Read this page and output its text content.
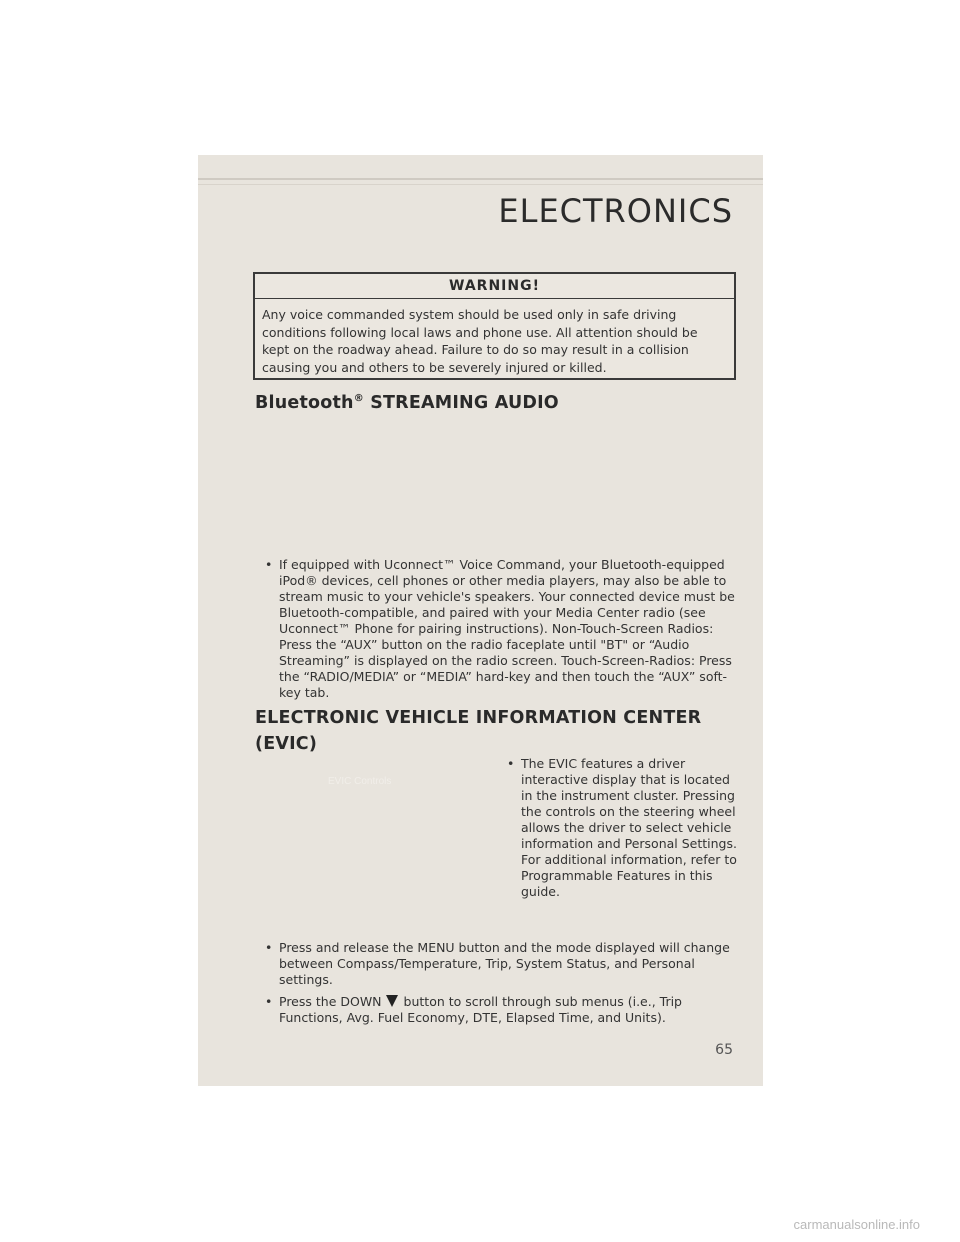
ELECTRONICS
WARNING!
Any voice commanded system should be used only in safe driving conditions following local laws and phone use. All attention should be kept on the roadway ahead. Failure to do so may result in a collision causing you and others to be severely injured or killed.
Bluetooth® STREAMING AUDIO
• If equipped with Uconnect™ Voice Command, your Bluetooth-equipped iPod® devices, cell phones or other media players, may also be able to stream music to your vehicle's speakers. Your connected device must be Bluetooth-compatible, and paired with your Media Center radio (see Uconnect™ Phone for pairing instructions). Non-Touch-Screen Radios: Press the “AUX” button on the radio faceplate until "BT" or “Audio Streaming” is displayed on the radio screen. Touch-Screen-Radios: Press the “RADIO/MEDIA” or “MEDIA” hard-key and then touch the “AUX” soft-key tab.
ELECTRONIC VEHICLE INFORMATION CENTER (EVIC)
EVIC Controls
• The EVIC features a driver interactive display that is located in the instrument cluster. Pressing the controls on the steering wheel allows the driver to select vehicle information and Personal Settings. For additional information, refer to Programmable Features in this guide.
• Press and release the MENU button and the mode displayed will change between Compass/Temperature, Trip, System Status, and Personal settings.
• Press the DOWN button to scroll through sub menus (i.e., Trip Functions, Avg. Fuel Economy, DTE, Elapsed Time, and Units).
65
carmanualsonline.info
